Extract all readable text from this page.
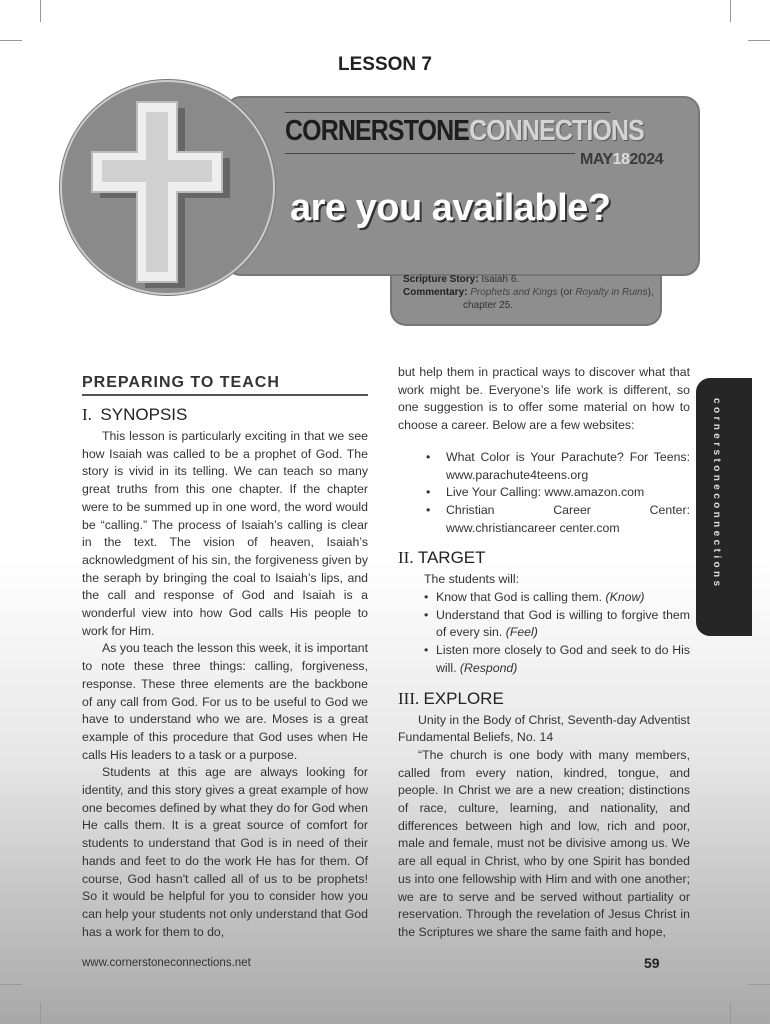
LESSON 7
CORNERSTONECONNECTIONS
MAY182024
are you available?
Scripture Story: Isaiah 6.
Commentary: Prophets and Kings (or Royalty in Ruins),
chapter 25.
PREPARING TO TEACH
I. SYNOPSIS

This lesson is particularly exciting in that we see how Isaiah was called to be a prophet of God. The story is vivid in its telling. We can teach so many great truths from this one chapter. If the chapter were to be summed up in one word, the word would be “calling.” The process of Isaiah’s calling is clear in the text. The vision of heaven, Isaiah’s acknowledgment of his sin, the forgiveness given by the seraph by bringing the coal to Isaiah’s lips, and the call and response of God and Isaiah is a wonderful view into how God calls His people to work for Him.

As you teach the lesson this week, it is important to note these three things: calling, forgiveness, response. These three elements are the backbone of any call from God. For us to be useful to God we have to understand who we are. Moses is a great example of this procedure that God uses when He calls His leaders to a task or a purpose.

Students at this age are always looking for identity, and this story gives a great example of how one becomes defined by what they do for God when He calls them. It is a great source of comfort for students to understand that God is in need of their hands and feet to do the work He has for them. Of course, God hasn't called all of us to be prophets! So it would be helpful for you to consider how you can help your students not only understand that God has a work for them to do,

but help them in practical ways to discover what that work might be. Everyone’s life work is different, so one suggestion is to offer some material on how to choose a career. Below are a few websites:

• What Color is Your Parachute? For Teens: www.parachute4teens.org
• Live Your Calling: www.amazon.com
• Christian Career Center: www.christiancareer center.com
II. TARGET

The students will:

• Know that God is calling them. (Know)
• Understand that God is willing to forgive them of every sin. (Feel)
• Listen more closely to God and seek to do His will. (Respond)
III. EXPLORE

Unity in the Body of Christ, Seventh-day Adventist Fundamental Beliefs, No. 14

“The church is one body with many members, called from every nation, kindred, tongue, and people. In Christ we are a new creation; distinctions of race, culture, learning, and nationality, and differences between high and low, rich and poor, male and female, must not be divisive among us. We are all equal in Christ, who by one Spirit has bonded us into one fellowship with Him and with one another; we are to serve and be served without partiality or reservation. Through the revelation of Jesus Christ in the Scriptures we share the same faith and hope,

cornerstoneconnections
www.cornerstoneconnections.net	59
